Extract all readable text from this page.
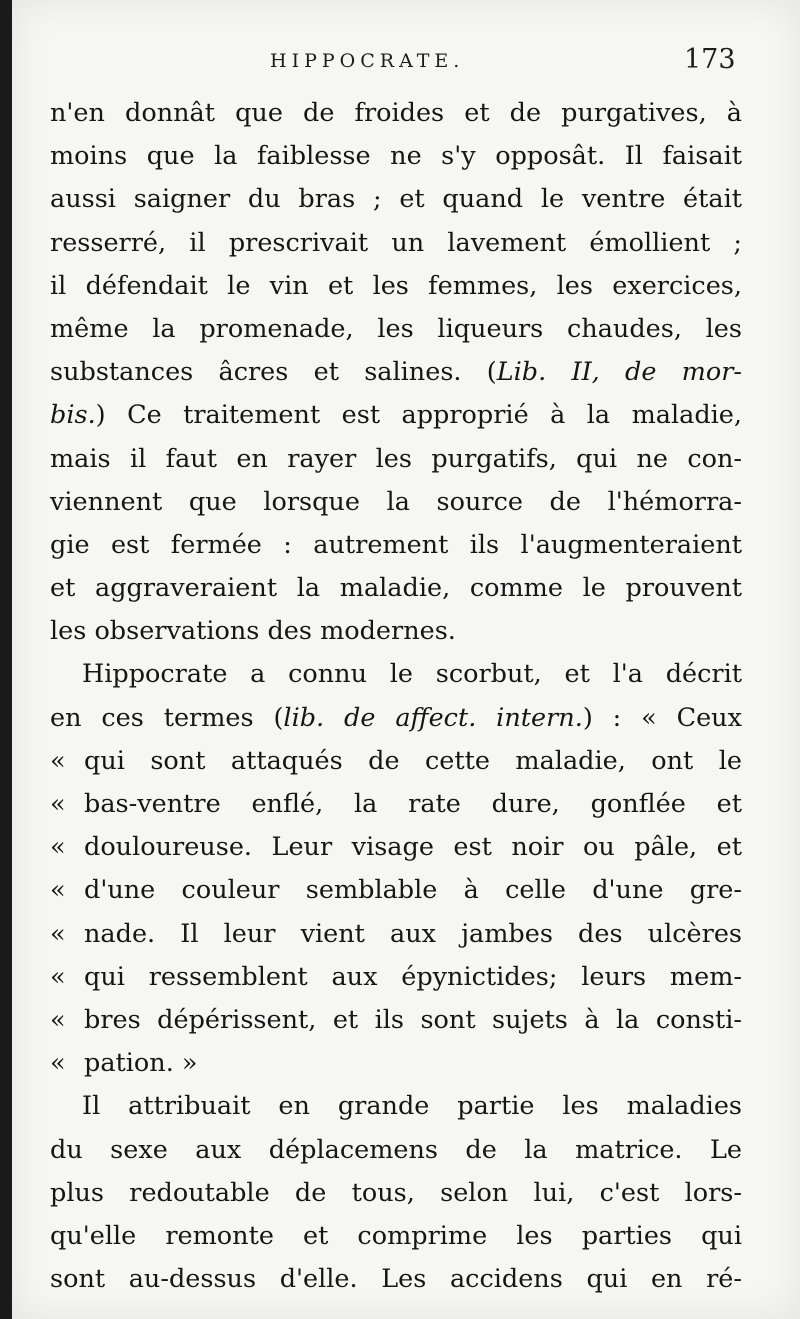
HIPPOCRATE.	173
n'en donnât que de froides et de purgatives, à
moins que la faiblesse ne s'y opposât. Il faisait
aussi saigner du bras ; et quand le ventre était
resserré, il prescrivait un lavement émollient ;
il défendait le vin et les femmes, les exercices,
même la promenade, les liqueurs chaudes, les
substances âcres et salines. (Lib. II, de mor-
bis.) Ce traitement est approprié à la maladie,
mais il faut en rayer les purgatifs, qui ne con-
viennent que lorsque la source de l'hémorra-
gie est fermée : autrement ils l'augmenteraient
et aggraveraient la maladie, comme le prouvent
les observations des modernes.
Hippocrate a connu le scorbut, et l'a décrit
en ces termes (lib. de affect. intern.) : « Ceux
« qui sont attaqués de cette maladie, ont le
« bas-ventre enflé, la rate dure, gonflée et
« douloureuse. Leur visage est noir ou pâle, et
« d'une couleur semblable à celle d'une gre-
« nade. Il leur vient aux jambes des ulcères
« qui ressemblent aux épynictides; leurs mem-
« bres dépérissent, et ils sont sujets à la consti-
« pation. »
Il attribuait en grande partie les maladies
du sexe aux déplacemens de la matrice. Le
plus redoutable de tous, selon lui, c'est lors-
qu'elle remonte et comprime les parties qui
sont au-dessus d'elle. Les accidens qui en ré-
